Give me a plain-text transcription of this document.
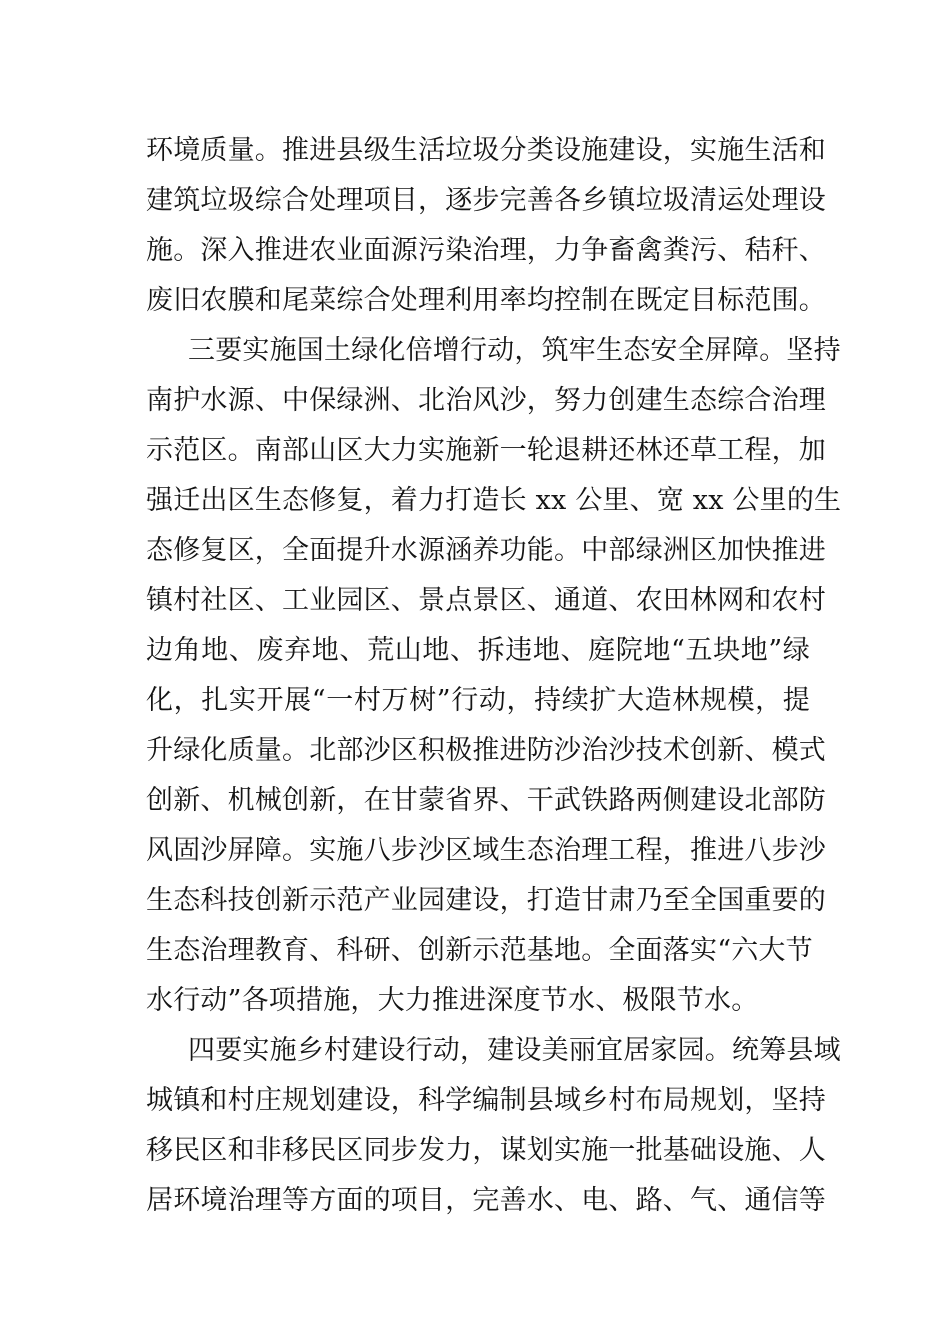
环境质量。推进县级生活垃圾分类设施建设，实施生活和
建筑垃圾综合处理项目，逐步完善各乡镇垃圾清运处理设
施。深入推进农业面源污染治理，力争畜禽粪污、秸秆、
废旧农膜和尾菜综合处理利用率均控制在既定目标范围。
三要实施国土绿化倍增行动，筑牢生态安全屏障。坚持
南护水源、中保绿洲、北治风沙，努力创建生态综合治理
示范区。南部山区大力实施新一轮退耕还林还草工程，加
强迁出区生态修复，着力打造长 xx 公里、宽 xx 公里的生
态修复区，全面提升水源涵养功能。中部绿洲区加快推进
镇村社区、工业园区、景点景区、通道、农田林网和农村
边角地、废弃地、荒山地、拆违地、庭院地“五块地”绿
化，扎实开展“一村万树”行动，持续扩大造林规模，提
升绿化质量。北部沙区积极推进防沙治沙技术创新、模式
创新、机械创新，在甘蒙省界、干武铁路两侧建设北部防
风固沙屏障。实施八步沙区域生态治理工程，推进八步沙
生态科技创新示范产业园建设，打造甘肃乃至全国重要的
生态治理教育、科研、创新示范基地。全面落实“六大节
水行动”各项措施，大力推进深度节水、极限节水。
四要实施乡村建设行动，建设美丽宜居家园。统筹县域
城镇和村庄规划建设，科学编制县域乡村布局规划，坚持
移民区和非移民区同步发力，谋划实施一批基础设施、人
居环境治理等方面的项目，完善水、电、路、气、通信等
